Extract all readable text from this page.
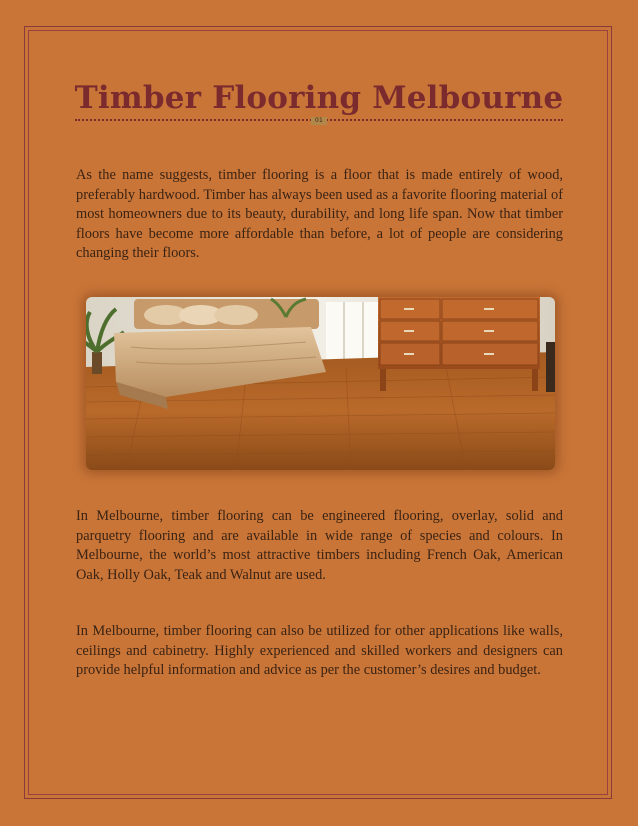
Timber Flooring Melbourne
01

As the name suggests, timber flooring is a floor that is made entirely of wood, preferably hardwood. Timber has always been used as a favorite flooring material of most homeowners due to its beauty, durability, and long life span. Now that timber floors have become more affordable than before, a lot of people are considering changing their floors.

In Melbourne, timber flooring can be engineered flooring, overlay, solid and parquetry flooring and are available in wide range of species and colours. In Melbourne, the world’s most attractive timbers including French Oak, American Oak, Holly Oak, Teak and Walnut are used.

In Melbourne, timber flooring can also be utilized for other applications like walls, ceilings and cabinetry. Highly experienced and skilled workers and designers can provide helpful information and advice as per the customer’s desires and budget.
